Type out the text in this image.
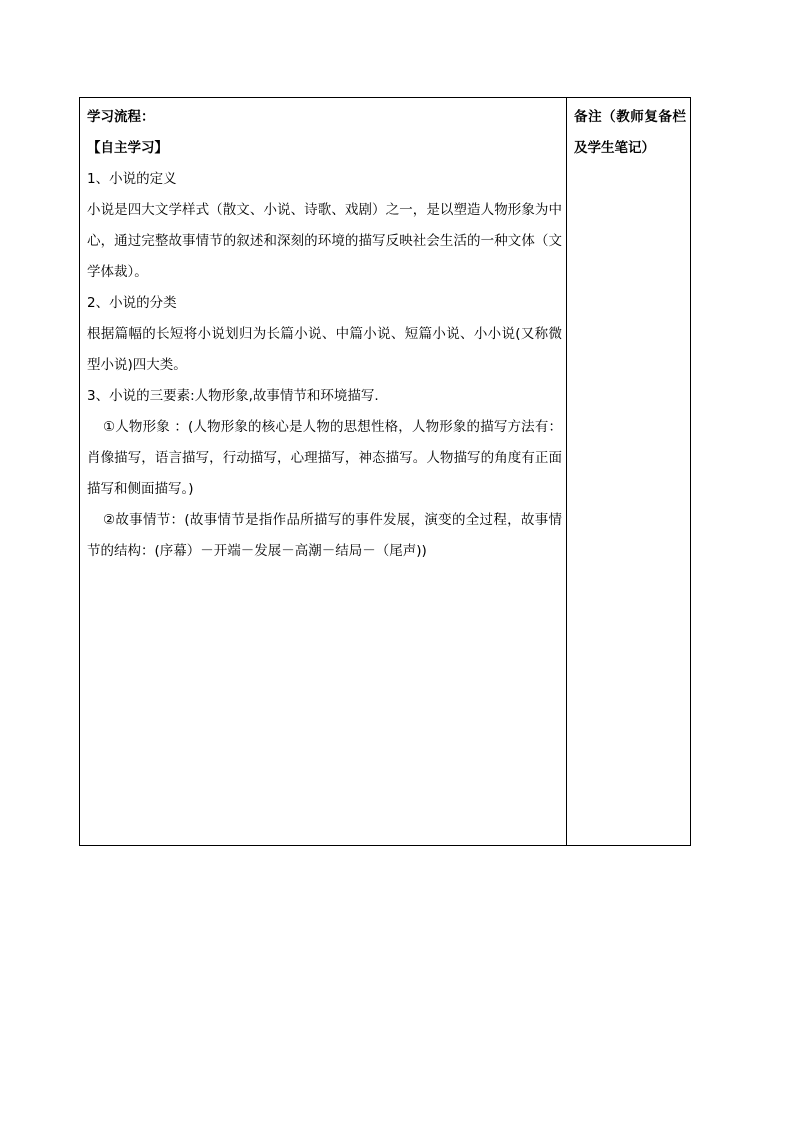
学习流程：
【自主学习】
1、小说的定义
小说是四大文学样式（散文、小说、诗歌、戏剧）之一，是以塑造人物形象为中心，通过完整故事情节的叙述和深刻的环境的描写反映社会生活的一种文体（文学体裁）。
2、小说的分类
根据篇幅的长短将小说划归为长篇小说、中篇小说、短篇小说、小小说(又称微型小说)四大类。
3、小说的三要素:人物形象,故事情节和环境描写.
①人物形象 ：(人物形象的核心是人物的思想性格，人物形象的描写方法有：肖像描写，语言描写，行动描写，心理描写，神态描写。人物描写的角度有正面描写和侧面描写。)
②故事情节：(故事情节是指作品所描写的事件发展，演变的全过程，故事情节的结构：(序幕）－开端－发展－高潮－结局－（尾声))
备注（教师复备栏及学生笔记）
